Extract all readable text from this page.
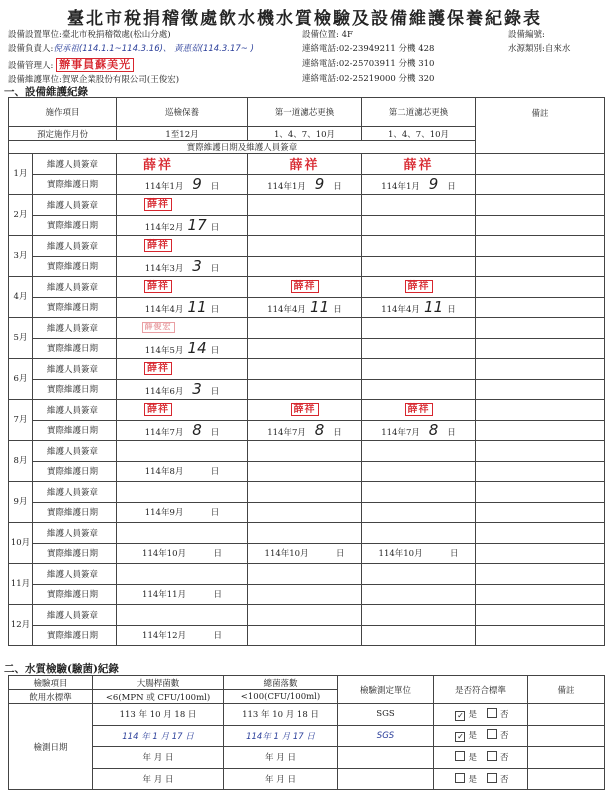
臺北市稅捐稽徵處飲水機水質檢驗及設備維護保養紀錄表
設備設置單位:臺北市稅捐稽徵處(松山分處)
設備負責人:倪承祖(114.1.1~114.3.16)、 黃惠茹(114.3.17~ )
設備管理人: 辦事員蘇美光
設備維護單位:賀眾企業股份有限公司(王俊宏)
設備位置: 4F
連絡電話:02-23949211 分機 428
連絡電話:02-25703911 分機 310
連絡電話:02-25219000 分機 320
設備編號:
水源類別:自來水
一、設備維護紀錄
施作項目		巡檢保養	第一道濾芯更換	第二道濾芯更換	備註
預定施作月份		1至12月	1、4、7、10月	1、4、7、10月	
實際維護日期及維護人員簽章					
1月	維護人員簽章	薛祥	薛祥	薛祥	
	實際維護日期	114年1月 9 日	114年1月 9 日	114年1月 9 日	
2月	維護人員簽章	薛祥			
	實際維護日期	114年2月 17 日			
3月	維護人員簽章	薛祥			
	實際維護日期	114年3月 3 日			
4月	維護人員簽章	薛祥	薛祥	薛祥	
	實際維護日期	114年4月 11 日	114年4月 11 日	114年4月 11 日	
5月	維護人員簽章	薛俊宏			
	實際維護日期	114年5月 14 日			
6月	維護人員簽章	薛祥			
	實際維護日期	114年6月 3 日			
7月	維護人員簽章	薛祥	薛祥	薛祥	
	實際維護日期	114年7月 8 日	114年7月 8 日	114年7月 8 日	
8月	維護人員簽章				
	實際維護日期	114年8月 日			
9月	維護人員簽章				
	實際維護日期	114年9月 日			
10月	維護人員簽章				
	實際維護日期	114年10月 日	114年10月 日	114年10月 日	
11月	維護人員簽章				
	實際維護日期	114年11月 日			
12月	維護人員簽章				
	實際維護日期	114年12月 日			
二、水質檢驗(驗菌)紀錄
檢驗項目	大腸桿菌數	總菌落數	檢驗測定單位	是否符合標準	備註
飲用水標準	<6(MPN 或 CFU/100ml)	<100(CFU/100ml)			
檢測日期	113 年 10 月 18 日	113 年 10 月 18 日	SGS	✓ 是 否	
	114 年 1 月 17 日	114年 1 月 17 日	SGS	✓ 是 否	
	年 月 日	年 月 日		是 否	
	年 月 日	年 月 日		是 否	
